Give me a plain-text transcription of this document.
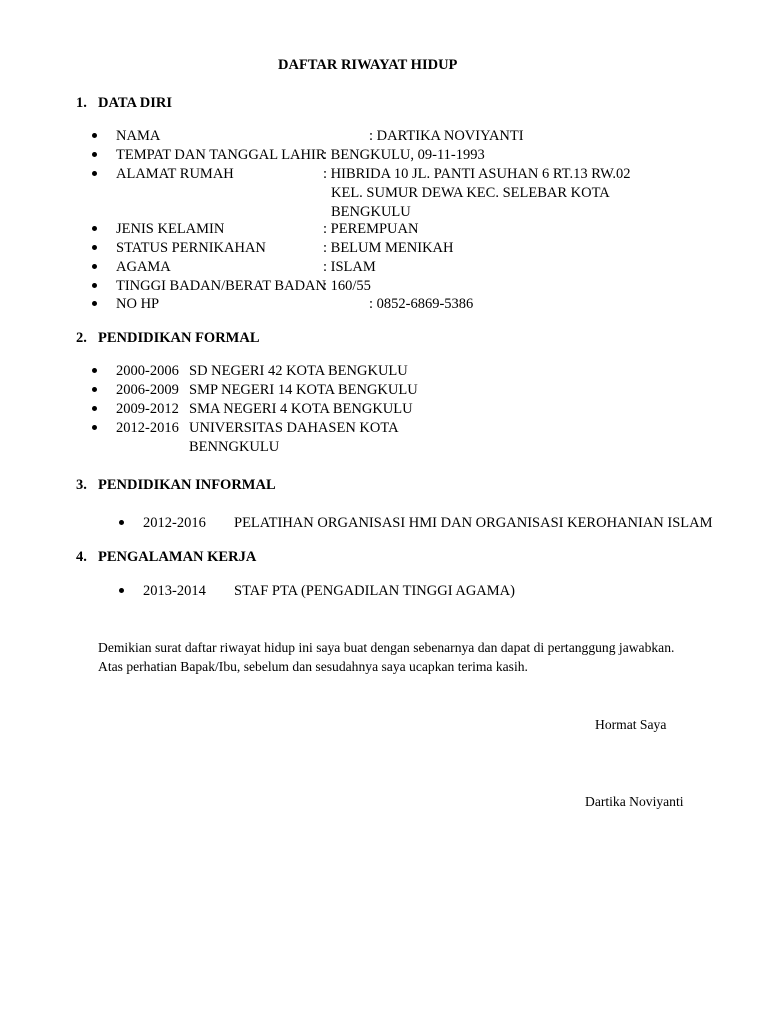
DAFTAR RIWAYAT HIDUP
1. DATA DIRI
NAMA	: DARTIKA NOVIYANTI
TEMPAT DAN TANGGAL LAHIR
: BENGKULU, 09-11-1993
ALAMAT RUMAH	: HIBRIDA 10 JL. PANTI ASUHAN 6 RT.13 RW.02
KEL. SUMUR DEWA KEC. SELEBAR KOTA
BENGKULU
JENIS KELAMIN	: PEREMPUAN
STATUS PERNIKAHAN	: BELUM MENIKAH
AGAMA	: ISLAM
TINGGI BADAN/BERAT BADAN
: 160/55
NO HP	: 0852-6869-5386
2. PENDIDIKAN FORMAL
2000-2006 SD NEGERI 42 KOTA BENGKULU
2006-2009 SMP NEGERI 14 KOTA BENGKULU
2009-2012 SMA NEGERI 4 KOTA BENGKULU
2012-2016 UNIVERSITAS DAHASEN KOTA
BENNGKULU
3. PENDIDIKAN INFORMAL
2012-2016 PELATIHAN ORGANISASI HMI DAN ORGANISASI KEROHANIAN ISLAM
4. PENGALAMAN KERJA
2013-2014 STAF PTA (PENGADILAN TINGGI AGAMA)
Demikian surat daftar riwayat hidup ini saya buat dengan sebenarnya dan dapat di pertanggung jawabkan.
Atas perhatian Bapak/Ibu, sebelum dan sesudahnya saya ucapkan terima kasih.
Hormat Saya
Dartika Noviyanti
